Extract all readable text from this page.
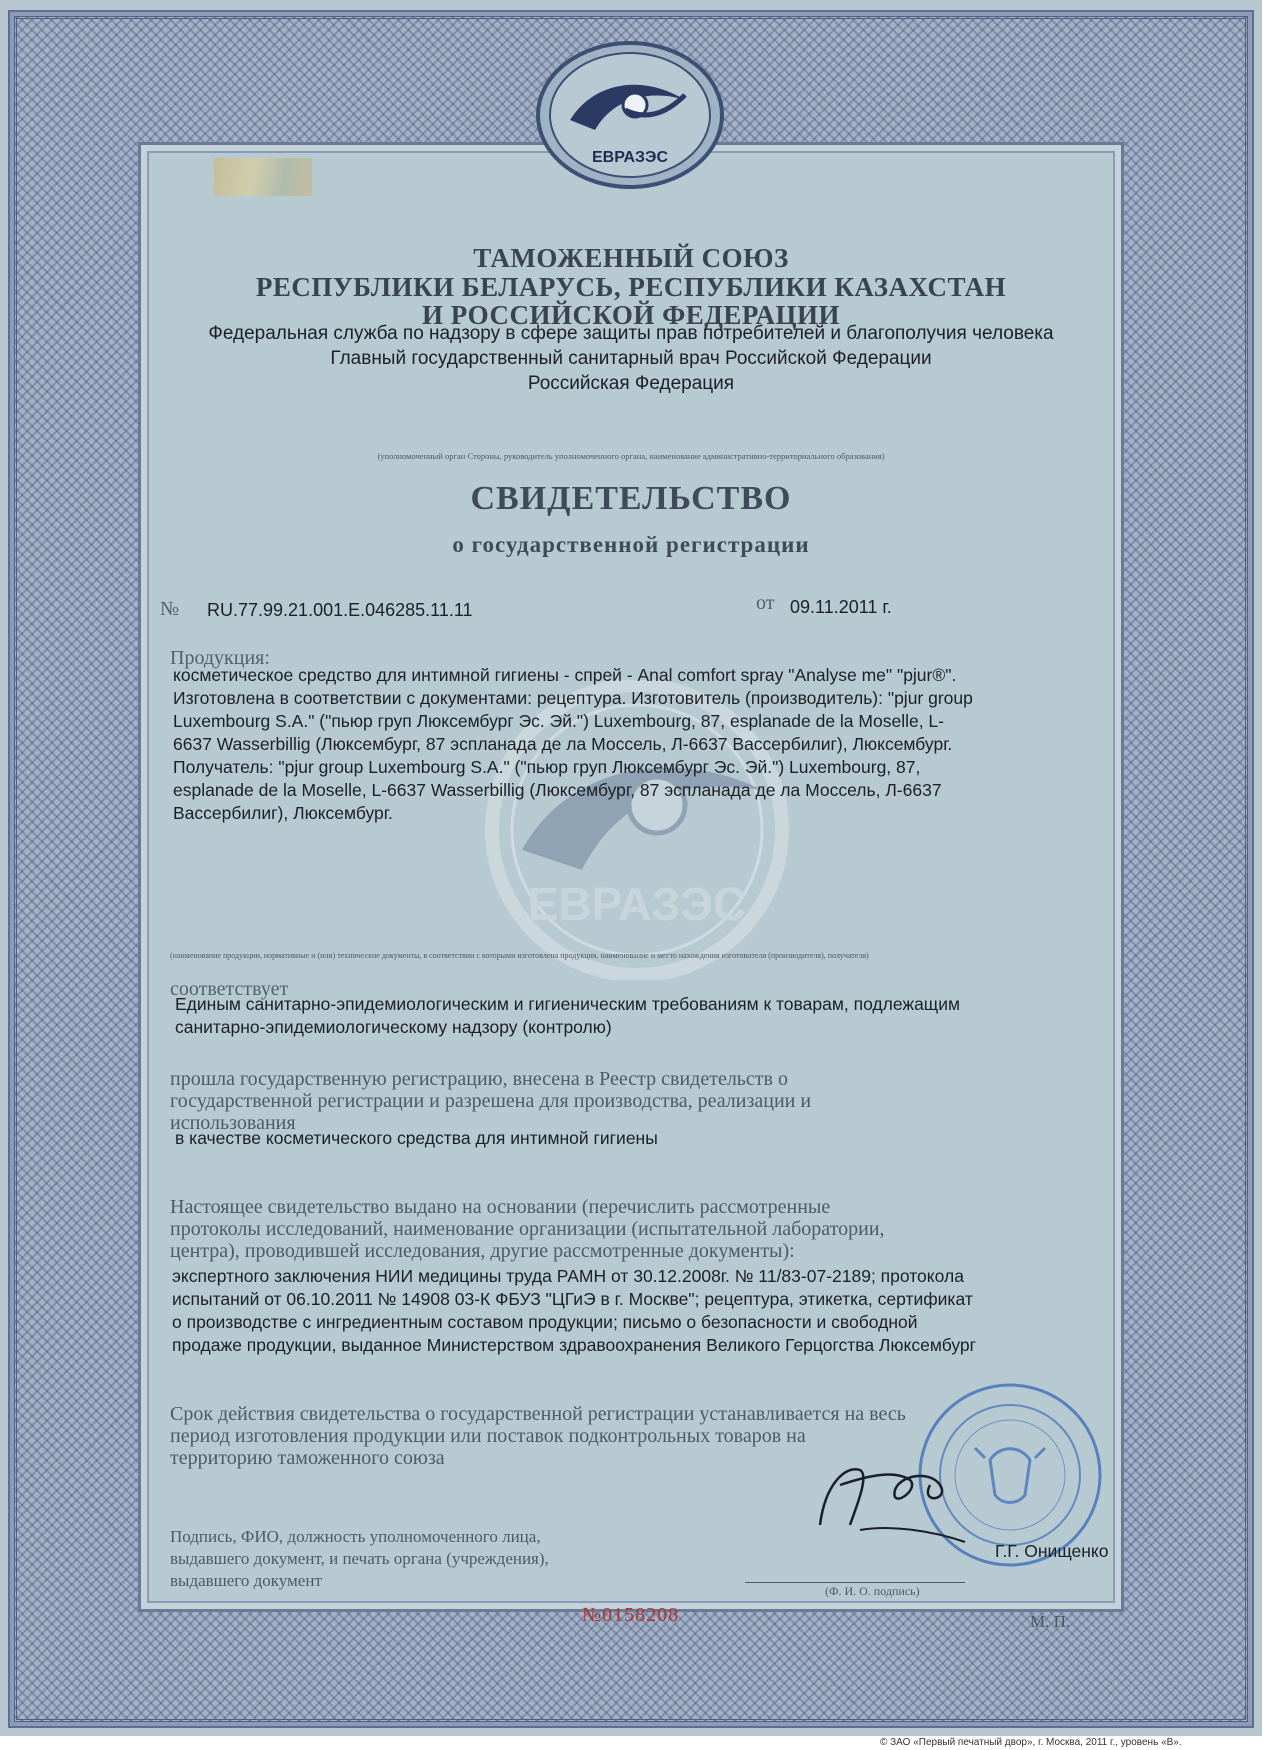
ЕВРАЗЭС
ЕВРАЗЭС
ТАМОЖЕННЫЙ СОЮЗ
РЕСПУБЛИКИ БЕЛАРУСЬ, РЕСПУБЛИКИ КАЗАХСТАН
И РОССИЙСКОЙ ФЕДЕРАЦИИ
Федеральная служба по надзору в сфере защиты прав потребителей и благополучия человека
Главный государственный санитарный врач Российской Федерации
Российская Федерация
(уполномоченный орган Стороны, руководитель уполномоченного органа, наименование административно-территориального образования)
СВИДЕТЕЛЬСТВО
о государственной регистрации
№ RU.77.99.21.001.Е.046285.11.11	от 09.11.2011 г.
Продукция:
косметическое средство для интимной гигиены - спрей - Anal comfort spray "Analyse me" "pjur®".
Изготовлена в соответствии с документами: рецептура. Изготовитель (производитель): "pjur group
Luxembourg S.A." ("пьюр груп Люксембург Эс. Эй.") Luxembourg, 87, esplanade de la Moselle, L-
6637 Wasserbillig (Люксембург, 87 эспланада де ла Моссель, Л-6637 Вассербилиг), Люксембург.
Получатель: "pjur group Luxembourg S.A." ("пьюр груп Люксембург Эс. Эй.") Luxembourg, 87,
esplanade de la Moselle, L-6637 Wasserbillig (Люксембург, 87 эспланада де ла Моссель, Л-6637
Вассербилиг), Люксембург.
(наименование продукции, нормативные и (или) технические документы, в соответствии с которыми изготовлена продукция, наименование и место нахождения изготовителя (производителя), получателя)
соответствует
Единым санитарно-эпидемиологическим и гигиеническим требованиям к товарам, подлежащим
санитарно-эпидемиологическому надзору (контролю)
прошла государственную регистрацию, внесена в Реестр свидетельств о
государственной регистрации и разрешена для производства, реализации и
использования
в качестве косметического средства для интимной гигиены
Настоящее свидетельство выдано на основании (перечислить рассмотренные
протоколы исследований, наименование организации (испытательной лаборатории,
центра), проводившей исследования, другие рассмотренные документы):
экспертного заключения НИИ медицины труда РАМН от 30.12.2008г. № 11/83-07-2189; протокола
испытаний от 06.10.2011 № 14908 03-К ФБУЗ "ЦГиЭ в г. Москве"; рецептура, этикетка, сертификат
о производстве с ингредиентным составом продукции; письмо о безопасности и свободной
продаже продукции, выданное Министерством здравоохранения Великого Герцогства Люксембург
Срок действия свидетельства о государственной регистрации устанавливается на весь
период изготовления продукции или поставок подконтрольных товаров на
территорию таможенного союза
Подпись, ФИО, должность уполномоченного лица,
выдавшего документ, и печать органа (учреждения),
выдавшего документ
Г.Г. Онищенко
(Ф. И. О. подпись)
М. П.
№0158208
© ЗАО «Первый печатный двор», г. Москва, 2011 г., уровень «В».
